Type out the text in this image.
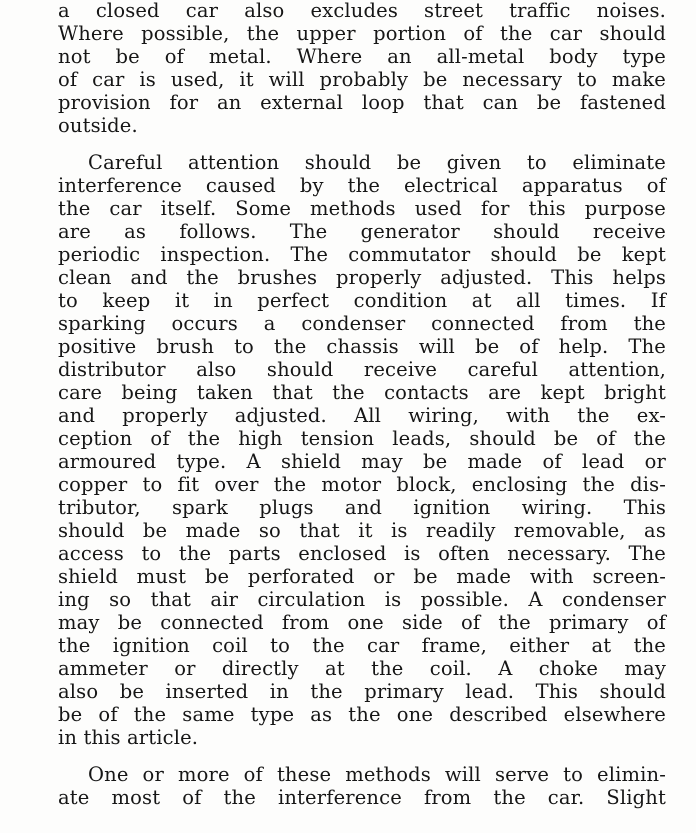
a closed car also excludes street traffic noises.
Where possible, the upper portion of the car should
not be of metal. Where an all-metal body type
of car is used, it will probably be necessary to make
provision for an external loop that can be fastened
outside.
Careful attention should be given to eliminate
interference caused by the electrical apparatus of
the car itself. Some methods used for this purpose
are as follows. The generator should receive
periodic inspection. The commutator should be kept
clean and the brushes properly adjusted. This helps
to keep it in perfect condition at all times. If
sparking occurs a condenser connected from the
positive brush to the chassis will be of help. The
distributor also should receive careful attention,
care being taken that the contacts are kept bright
and properly adjusted. All wiring, with the ex-
ception of the high tension leads, should be of the
armoured type. A shield may be made of lead or
copper to fit over the motor block, enclosing the dis-
tributor, spark plugs and ignition wiring. This
should be made so that it is readily removable, as
access to the parts enclosed is often necessary. The
shield must be perforated or be made with screen-
ing so that air circulation is possible. A condenser
may be connected from one side of the primary of
the ignition coil to the car frame, either at the
ammeter or directly at the coil. A choke may
also be inserted in the primary lead. This should
be of the same type as the one described elsewhere
in this article.
One or more of these methods will serve to elimin-
ate most of the interference from the car. Slight
